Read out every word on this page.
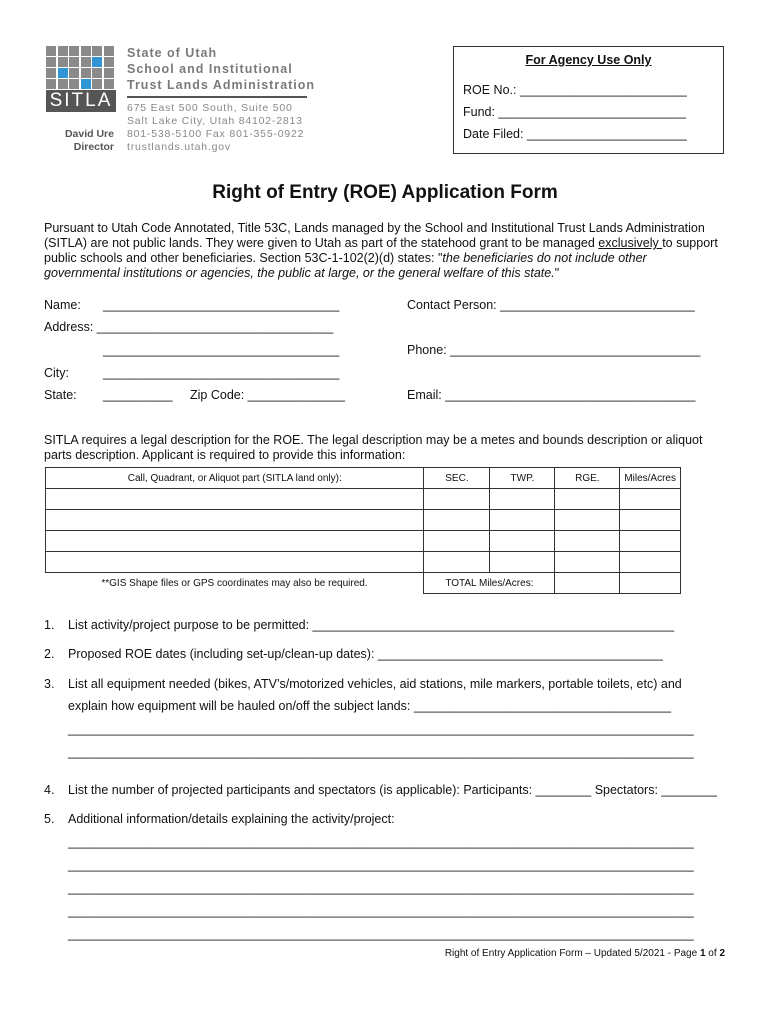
SITLA
David Ure
Director
State of Utah
School and Institutional
Trust Lands Administration
675 East 500 South, Suite 500
Salt Lake City, Utah 84102-2813
801-538-5100 Fax 801-355-0922
trustlands.utah.gov
For Agency Use Only
ROE No.: ________________________
Fund: ___________________________
Date Filed: _______________________
Right of Entry (ROE) Application Form
Pursuant to Utah Code Annotated, Title 53C, Lands managed by the School and Institutional Trust Lands Administration
(SITLA) are not public lands. They were given to Utah as part of the statehood grant to be managed exclusively to support
public schools and other beneficiaries. Section 53C-1-102(2)(d) states: "the beneficiaries do not include other
governmental institutions or agencies, the public at large, or the general welfare of this state."
Name: __________________________________	Contact Person: ____________________________
Address: __________________________________
__________________________________	Phone: ____________________________________
City:	__________________________________
State: __________ Zip Code: ______________	Email: ____________________________________
SITLA requires a legal description for the ROE. The legal description may be a metes and bounds description or aliquot
parts description. Applicant is required to provide this information:
Call, Quadrant, or Aliquot part (SITLA land only):	SEC.	TWP.	RGE.	Miles/Acres

**GIS Shape files or GPS coordinates may also be required.	TOTAL Miles/Acres:			
1. List activity/project purpose to be permitted: ____________________________________________________
2. Proposed ROE dates (including set-up/clean-up dates): _________________________________________
3. List all equipment needed (bikes, ATV’s/motorized vehicles, aid stations, mile markers, portable toilets, etc) and
explain how equipment will be hauled on/off the subject lands: _____________________________________
__________________________________________________________________________________________
__________________________________________________________________________________________
4. List the number of projected participants and spectators (is applicable): Participants: ________ Spectators: ________
5. Additional information/details explaining the activity/project:
__________________________________________________________________________________________
__________________________________________________________________________________________
__________________________________________________________________________________________
__________________________________________________________________________________________
__________________________________________________________________________________________
Right of Entry Application Form – Updated 5/2021 - Page 1 of 2
